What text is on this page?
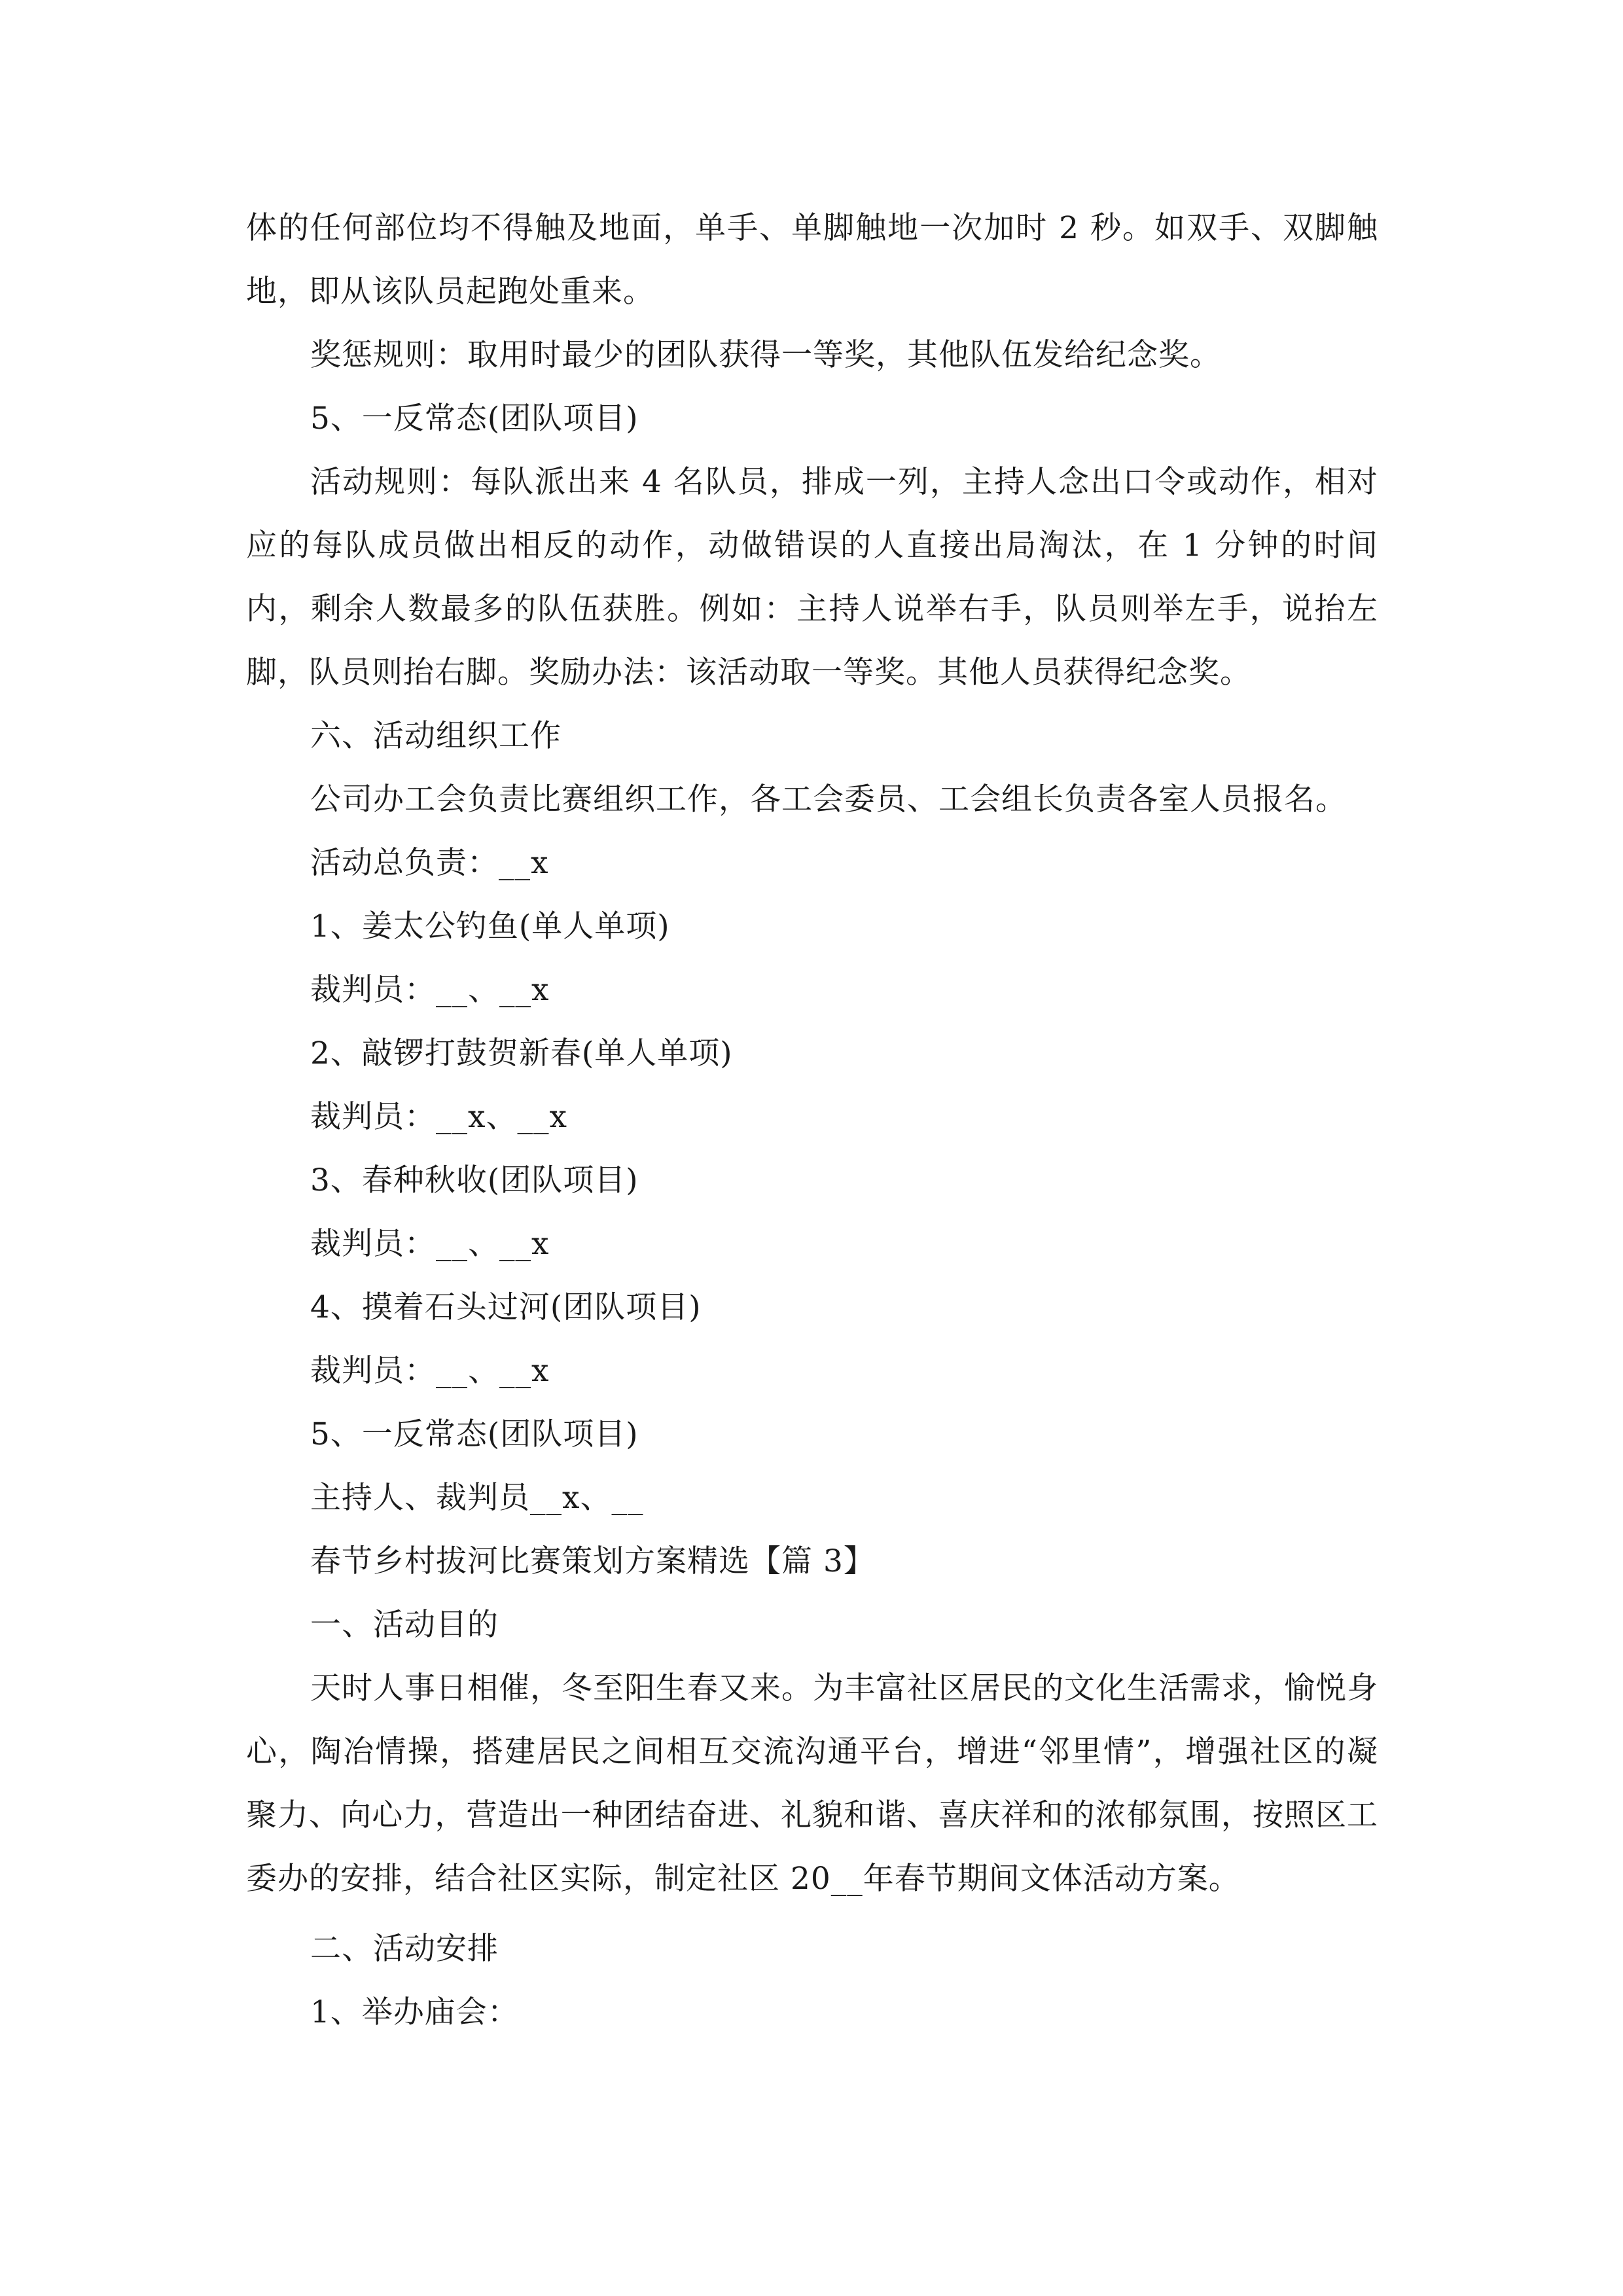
体的任何部位均不得触及地面，单手、单脚触地一次加时 2 秒。如双手、双脚触地，即从该队员起跑处重来。

奖惩规则：取用时最少的团队获得一等奖，其他队伍发给纪念奖。

5、一反常态(团队项目)

活动规则：每队派出来 4 名队员，排成一列，主持人念出口令或动作，相对应的每队成员做出相反的动作，动做错误的人直接出局淘汰，在 1 分钟的时间内，剩余人数最多的队伍获胜。例如：主持人说举右手，队员则举左手，说抬左脚，队员则抬右脚。奖励办法：该活动取一等奖。其他人员获得纪念奖。

六、活动组织工作

公司办工会负责比赛组织工作，各工会委员、工会组长负责各室人员报名。

活动总负责：__x

1、姜太公钓鱼(单人单项)

裁判员：__、__x

2、敲锣打鼓贺新春(单人单项)

裁判员：__x、__x

3、春种秋收(团队项目)

裁判员：__、__x

4、摸着石头过河(团队项目)

裁判员：__、__x

5、一反常态(团队项目)

主持人、裁判员__x、__

春节乡村拔河比赛策划方案精选【篇 3】

一、活动目的

天时人事日相催，冬至阳生春又来。为丰富社区居民的文化生活需求，愉悦身心，陶冶情操，搭建居民之间相互交流沟通平台，增进“邻里情”，增强社区的凝聚力、向心力，营造出一种团结奋进、礼貌和谐、喜庆祥和的浓郁氛围，按照区工委办的安排，结合社区实际，制定社区 20__年春节期间文体活动方案。

二、活动安排

1、举办庙会：
